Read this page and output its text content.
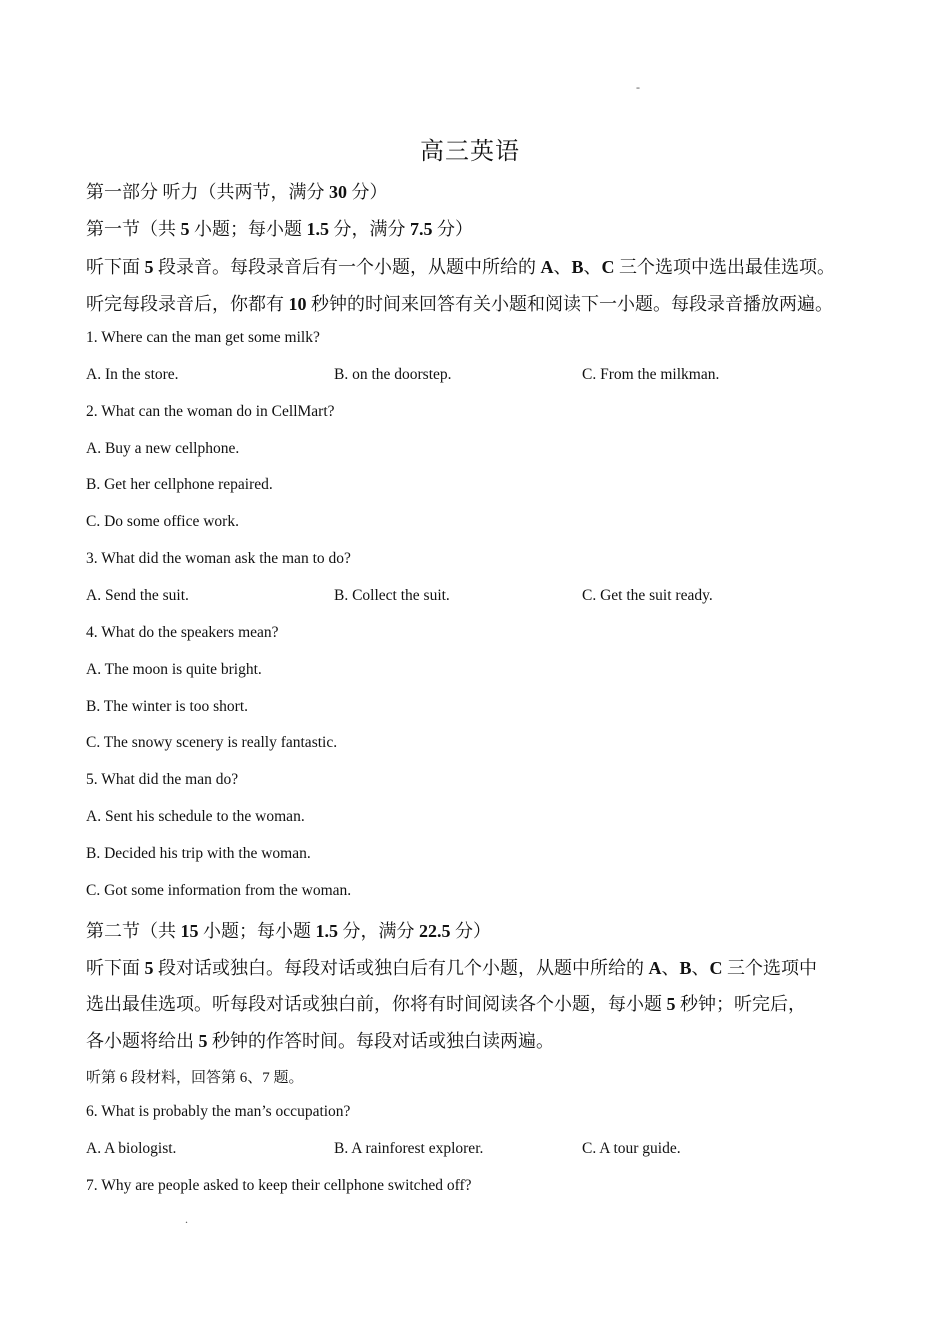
-
高三英语
第一部分 听力（共两节，满分 30 分）
第一节（共 5 小题；每小题 1.5 分，满分 7.5 分）
听下面 5 段录音。每段录音后有一个小题，从题中所给的 A、B、C 三个选项中选出最佳选项。
听完每段录音后，你都有 10 秒钟的时间来回答有关小题和阅读下一小题。每段录音播放两遍。
1. Where can the man get some milk?
A. In the store.	B. on the doorstep.	C. From the milkman.
2. What can the woman do in CellMart?
A. Buy a new cellphone.
B. Get her cellphone repaired.
C. Do some office work.
3. What did the woman ask the man to do?
A. Send the suit.	B. Collect the suit.	C. Get the suit ready.
4. What do the speakers mean?
A. The moon is quite bright.
B. The winter is too short.
C. The snowy scenery is really fantastic.
5. What did the man do?
A. Sent his schedule to the woman.
B. Decided his trip with the woman.
C. Got some information from the woman.
第二节（共 15 小题；每小题 1.5 分，满分 22.5 分）
听下面 5 段对话或独白。每段对话或独白后有几个小题，从题中所给的 A、B、C 三个选项中
选出最佳选项。听每段对话或独白前，你将有时间阅读各个小题，每小题 5 秒钟；听完后，
各小题将给出 5 秒钟的作答时间。每段对话或独白读两遍。
听第 6 段材料，回答第 6、7 题。
6. What is probably the man’s occupation?
A. A biologist.	B. A rainforest explorer.	C. A tour guide.
7. Why are people asked to keep their cellphone switched off?
.
